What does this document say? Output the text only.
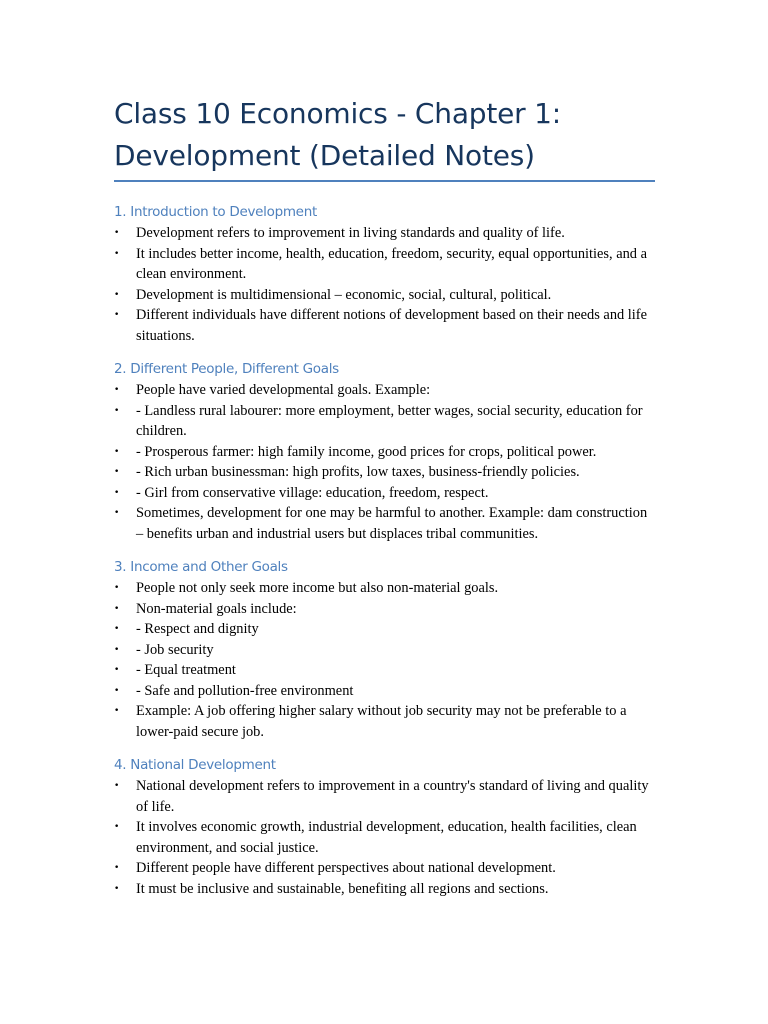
Class 10 Economics - Chapter 1:
Development (Detailed Notes)
1. Introduction to Development
•	Development refers to improvement in living standards and quality of life.
•	It includes better income, health, education, freedom, security, equal opportunities, and a clean environment.
•	Development is multidimensional – economic, social, cultural, political.
•	Different individuals have different notions of development based on their needs and life situations.
2. Different People, Different Goals
•	People have varied developmental goals. Example:
•	- Landless rural labourer: more employment, better wages, social security, education for children.
•	- Prosperous farmer: high family income, good prices for crops, political power.
•	- Rich urban businessman: high profits, low taxes, business-friendly policies.
•	- Girl from conservative village: education, freedom, respect.
•	Sometimes, development for one may be harmful to another. Example: dam construction – benefits urban and industrial users but displaces tribal communities.
3. Income and Other Goals
•	People not only seek more income but also non-material goals.
•	Non-material goals include:
•	- Respect and dignity
•	- Job security
•	- Equal treatment
•	- Safe and pollution-free environment
•	Example: A job offering higher salary without job security may not be preferable to a lower-paid secure job.
4. National Development
•	National development refers to improvement in a country's standard of living and quality of life.
•	It involves economic growth, industrial development, education, health facilities, clean environment, and social justice.
•	Different people have different perspectives about national development.
•	It must be inclusive and sustainable, benefiting all regions and sections.
